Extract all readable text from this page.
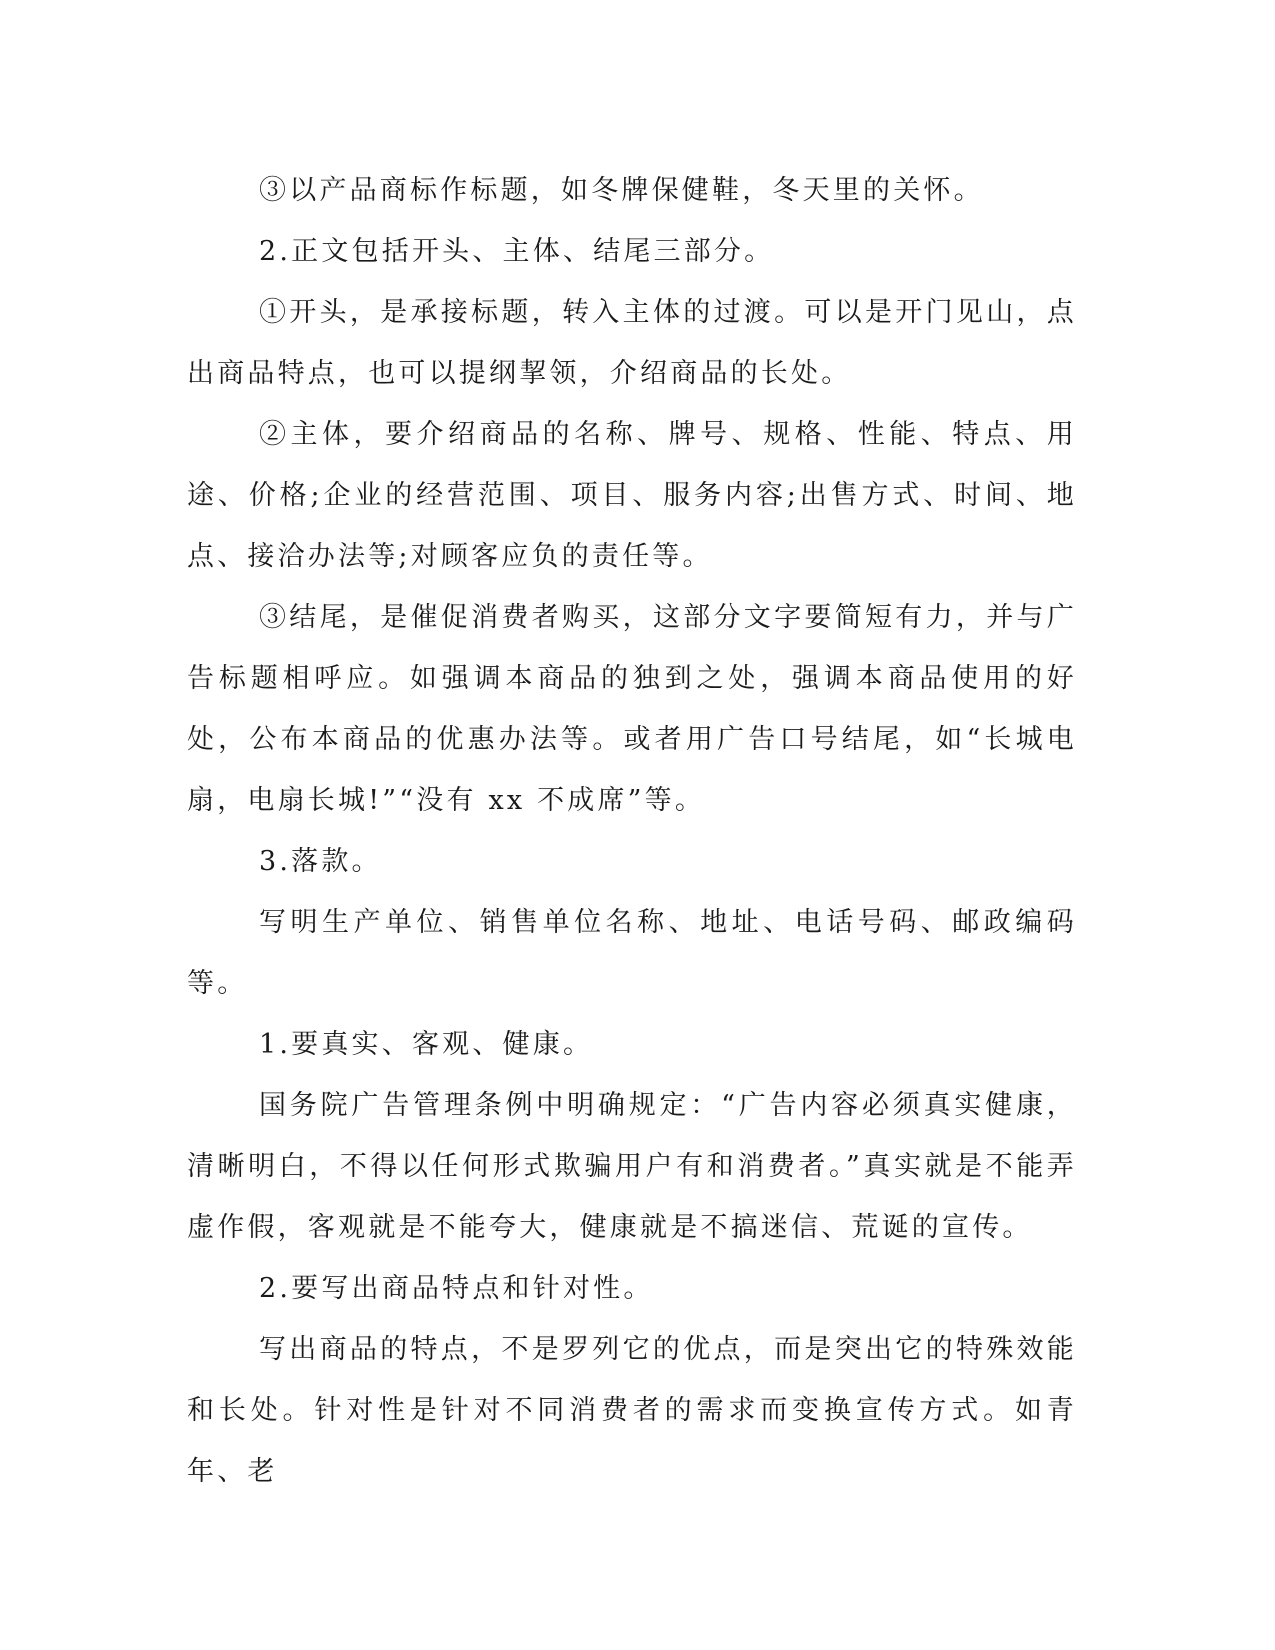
③以产品商标作标题，如冬牌保健鞋，冬天里的关怀。

2.正文包括开头、主体、结尾三部分。

①开头，是承接标题，转入主体的过渡。可以是开门见山，点出商品特点，也可以提纲挈领，介绍商品的长处。

②主体，要介绍商品的名称、牌号、规格、性能、特点、用途、价格;企业的经营范围、项目、服务内容;出售方式、时间、地点、接洽办法等;对顾客应负的责任等。

③结尾，是催促消费者购买，这部分文字要简短有力，并与广告标题相呼应。如强调本商品的独到之处，强调本商品使用的好处，公布本商品的优惠办法等。或者用广告口号结尾，如“长城电扇，电扇长城!”“没有 xx 不成席”等。

3.落款。

写明生产单位、销售单位名称、地址、电话号码、邮政编码等。

1.要真实、客观、健康。

国务院广告管理条例中明确规定：“广告内容必须真实健康，清晰明白，不得以任何形式欺骗用户有和消费者。”真实就是不能弄虚作假，客观就是不能夸大，健康就是不搞迷信、荒诞的宣传。

2.要写出商品特点和针对性。

写出商品的特点，不是罗列它的优点，而是突出它的特殊效能和长处。针对性是针对不同消费者的需求而变换宣传方式。如青年、老
